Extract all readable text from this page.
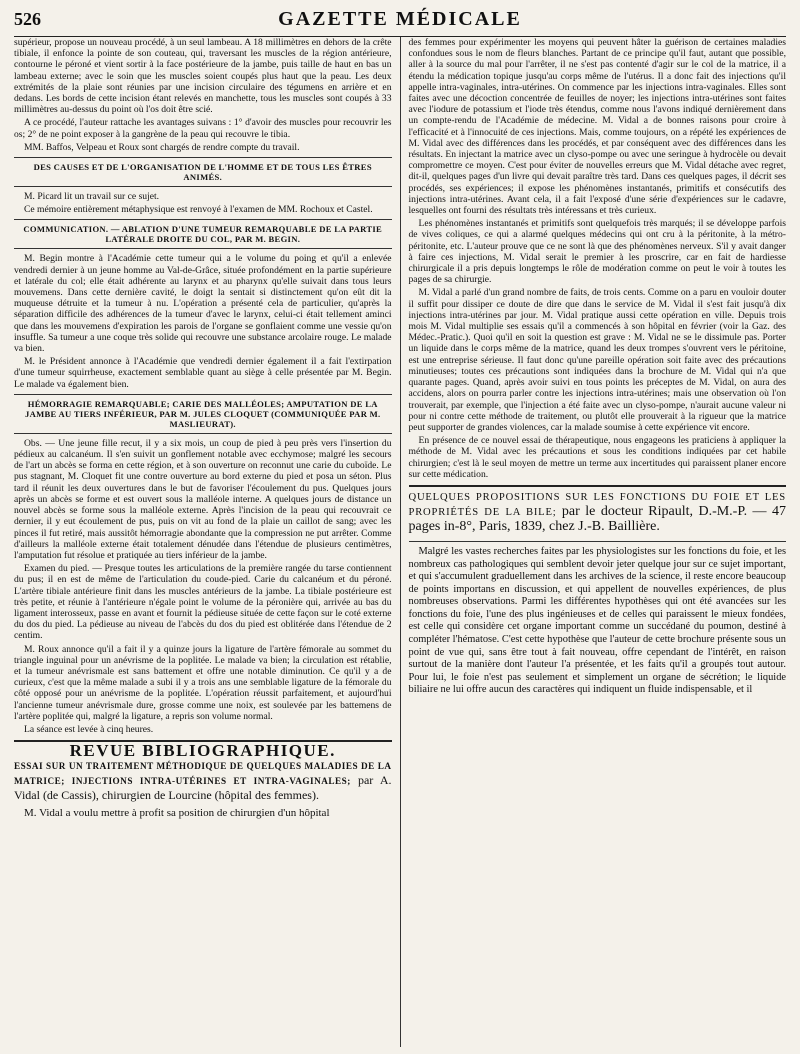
526	GAZETTE MÉDICALE

supérieur, propose un nouveau procédé, à un seul lambeau. A 18 millimètres en dehors de la crête tibiale, il enfonce la pointe de son couteau, qui, traversant les muscles de la région antérieure, contourne le péroné et vient sortir à la face postérieure de la jambe, puis taille de haut en bas un lambeau externe; avec le soin que les muscles soient coupés plus haut que la peau. Les deux extrémités de la plaie sont réunies par une incision circulaire des tégumens en arrière et en dedans. Les bords de cette incision étant relevés en manchette, tous les muscles sont coupés à 33 millimètres au-dessus du point où l'os doit être scié.

A ce procédé, l'auteur rattache les avantages suivans : 1° d'avoir des muscles pour recouvrir les os; 2° de ne point exposer à la gangrène de la peau qui recouvre le tibia.

MM. Baffos, Velpeau et Roux sont chargés de rendre compte du travail.

DES CAUSES ET DE L'ORGANISATION DE L'HOMME ET DE TOUS LES ÊTRES ANIMÉS.

M. Picard lit un travail sur ce sujet.

Ce mémoire entièrement métaphysique est renvoyé à l'examen de MM. Rochoux et Castel.

COMMUNICATION. — ABLATION D'UNE TUMEUR REMARQUABLE DE LA PARTIE LATÉRALE DROITE DU COL, PAR M. BEGIN.

M. Begin montre à l'Académie cette tumeur qui a le volume du poing et qu'il a enlevée vendredi dernier à un jeune homme au Val-de-Grâce, située profondément en la partie supérieure et latérale du col; elle était adhérente au larynx et au pharynx qu'elle suivait dans tous leurs mouvemens. Dans cette dernière cavité, le doigt la sentait si distinctement qu'on eût dit la muqueuse détruite et la tumeur à nu. L'opération a présenté cela de particulier, qu'après la séparation difficile des adhérences de la tumeur d'avec le larynx, celui-ci était tellement aminci que dans les mouvemens d'expiration les parois de l'organe se gonflaient comme une vessie qu'on insuffle. Sa tumeur a une coque très solide qui recouvre une substance arcolaire rouge. Le malade va bien.

M. le Président annonce à l'Académie que vendredi dernier également il a fait l'extirpation d'une tumeur squirrheuse, exactement semblable quant au siège à celle présentée par M. Begin. Le malade va également bien.

HÉMORRAGIE REMARQUABLE; CARIE DES MALLÉOLES; AMPUTATION DE LA JAMBE AU TIERS INFÉRIEUR, PAR M. JULES CLOQUET (COMMUNIQUÉE PAR M. MASLIEURAT).

Obs. — Une jeune fille recut, il y a six mois, un coup de pied à peu près vers l'insertion du pédieux au calcanéum. Il s'en suivit un gonflement notable avec ecchymose; malgré les secours de l'art un abcès se forma en cette région, et à son ouverture on reconnut une carie du cuboïde. Le pus stagnant, M. Cloquet fit une contre ouverture au bord externe du pied et posa un séton. Plus tard il réunit les deux ouvertures dans le but de favoriser l'écoulement du pus. Quelques jours après un abcès se forme et est ouvert sous la malléole interne. A quelques jours de distance un nouvel abcès se forme sous la malléole externe. Après l'incision de la peau qui recouvrait ce dernier, il y eut écoulement de pus, puis on vit au fond de la plaie un caillot de sang; avec les pinces il fut retiré, mais aussitôt hémorragie abondante que la compression ne put arrêter. Comme d'ailleurs la malléole externe était totalement dénudée dans l'étendue de plusieurs centimètres, l'amputation fut résolue et pratiquée au tiers inférieur de la jambe.

Examen du pied. — Presque toutes les articulations de la première rangée du tarse contiennent du pus; il en est de même de l'articulation du coude-pied. Carie du calcanéum et du péroné. L'artère tibiale antérieure finit dans les muscles antérieurs de la jambe. La tibiale postérieure est très petite, et réunie à l'antérieure n'égale point le volume de la péronière qui, arrivée au bas du ligament interosseux, passe en avant et fournit la pédieuse située de cette façon sur le coté externe du dos du pied. La pédieuse au niveau de l'abcès du dos du pied est oblitérée dans l'étendue de 2 centim.

M. Roux annonce qu'il a fait il y a quinze jours la ligature de l'artère fémorale au sommet du triangle inguinal pour un anévrisme de la poplitée. Le malade va bien; la circulation est rétablie, et la tumeur anévrismale est sans battement et offre une notable diminution. Ce qu'il y a de curieux, c'est que la même malade a subi il y a trois ans une semblable ligature de la fémorale du côté opposé pour un anévrisme de la poplitée. L'opération réussit parfaitement, et aujourd'hui l'ancienne tumeur anévrismale dure, grosse comme une noix, est soulevée par les battemens de l'artère poplitée qui, malgré la ligature, a repris son volume normal.

La séance est levée à cinq heures.

REVUE BIBLIOGRAPHIQUE.

ESSAI SUR UN TRAITEMENT MÉTHODIQUE DE QUELQUES MALADIES DE LA MATRICE; INJECTIONS INTRA-UTÉRINES ET INTRA-VAGINALES; par A. Vidal (de Cassis), chirurgien de Lourcine (hôpital des femmes).

M. Vidal a voulu mettre à profit sa position de chirurgien d'un hôpital

des femmes pour expérimenter les moyens qui peuvent hâter la guérison de certaines maladies confondues sous le nom de fleurs blanches. Partant de ce principe qu'il faut, autant que possible, aller à la source du mal pour l'arrêter, il ne s'est pas contenté d'agir sur le col de la matrice, il a étendu la médication topique jusqu'au corps même de l'utérus. Il a donc fait des injections qu'il appelle intra-vaginales, intra-utérines. On commence par les injections intra-vaginales. Elles sont faites avec une décoction concentrée de feuilles de noyer; les injections intra-utérines sont faites avec l'iodure de potassium et l'iode très étendus, comme nous l'avons indiqué dernièrement dans un compte-rendu de l'Académie de médecine. M. Vidal a de bonnes raisons pour croire à l'efficacité et à l'innocuité de ces injections. Mais, comme toujours, on a répété les expériences de M. Vidal avec des différences dans les procédés, et par conséquent avec des différences dans les résultats. En injectant la matrice avec un clyso-pompe ou avec une seringue à hydrocèle ou devait compromettre ce moyen. C'est pour éviter de nouvelles erreurs que M. Vidal détache avec regret, dit-il, quelques pages d'un livre qui devait paraître très tard. Dans ces quelques pages, il décrit ses procédés, ses expériences; il expose les phénomènes instantanés, primitifs et consécutifs des injections intra-utérines. Avant cela, il a fait l'exposé d'une série d'expériences sur le cadavre, lesquelles ont fourni des résultats très intéressans et très curieux.

Les phénomènes instantanés et primitifs sont quelquefois très marqués; il se développe parfois de vives coliques, ce qui a alarmé quelques médecins qui ont cru à la péritonite, à la métro-péritonite, etc. L'auteur prouve que ce ne sont là que des phénomènes nerveux. S'il y avait danger à faire ces injections, M. Vidal serait le premier à les proscrire, car en fait de hardiesse chirurgicale il a pris depuis longtemps le rôle de modération comme on peut le voir à toutes les pages de sa chirurgie.

M. Vidal a parlé d'un grand nombre de faits, de trois cents. Comme on a paru en vouloir douter il suffit pour dissiper ce doute de dire que dans le service de M. Vidal il s'est fait jusqu'à dix injections intra-utérines par jour. M. Vidal pratique aussi cette opération en ville. Depuis trois mois M. Vidal multiplie ses essais qu'il a commencés à son hôpital en février (voir la Gaz. des Médec.-Pratic.). Quoi qu'il en soit la question est grave : M. Vidal ne se le dissimule pas. Porter un liquide dans le corps même de la matrice, quand les deux trompes s'ouvrent vers le péritoine, est une entreprise sérieuse. Il faut donc qu'une pareille opération soit faite avec des précautions minutieuses; toutes ces précautions sont indiquées dans la brochure de M. Vidal qui n'a que quarante pages. Quand, après avoir suivi en tous points les préceptes de M. Vidal, on aura des accidens, alors on pourra parler contre les injections intra-utérines; mais une observation où l'on trouverait, par exemple, que l'injection a été faite avec un clyso-pompe, n'aurait aucune valeur ni pour ni contre cette méthode de traitement, ou plutôt elle prouverait à la rigueur que la matrice peut supporter de grandes violences, car la malade soumise à cette expérience vit encore.

En présence de ce nouvel essai de thérapeutique, nous engageons les praticiens à appliquer la méthode de M. Vidal avec les précautions et sous les conditions indiquées par cet habile chirurgien; c'est là le seul moyen de mettre un terme aux incertitudes qui paraissent planer encore sur cette médication.

QUELQUES PROPOSITIONS SUR LES FONCTIONS DU FOIE ET LES PROPRIÉTÉS DE LA BILE; par le docteur Ripault, D.-M.-P. — 47 pages in-8°, Paris, 1839, chez J.-B. Baillière.

Malgré les vastes recherches faites par les physiologistes sur les fonctions du foie, et les nombreux cas pathologiques qui semblent devoir jeter quelque jour sur ce sujet important, et qui s'accumulent graduellement dans les archives de la science, il reste encore beaucoup de points importans en discussion, et qui appellent de nouvelles expériences, de plus nombreuses observations. Parmi les différentes hypothèses qui ont été avancées sur les fonctions du foie, l'une des plus ingénieuses et de celles qui paraissent le mieux fondées, est celle qui considère cet organe important comme un succédané du poumon, destiné à compléter l'hématose. C'est cette hypothèse que l'auteur de cette brochure présente sous un point de vue qui, sans être tout à fait nouveau, offre cependant de l'intérêt, en raison surtout de la manière dont l'auteur l'a présentée, et les faits qu'il a groupés tout autour. Pour lui, le foie n'est pas seulement et simplement un organe de sécrétion; le liquide biliaire ne lui offre aucun des caractères qui indiquent un fluide indispensable, et il
